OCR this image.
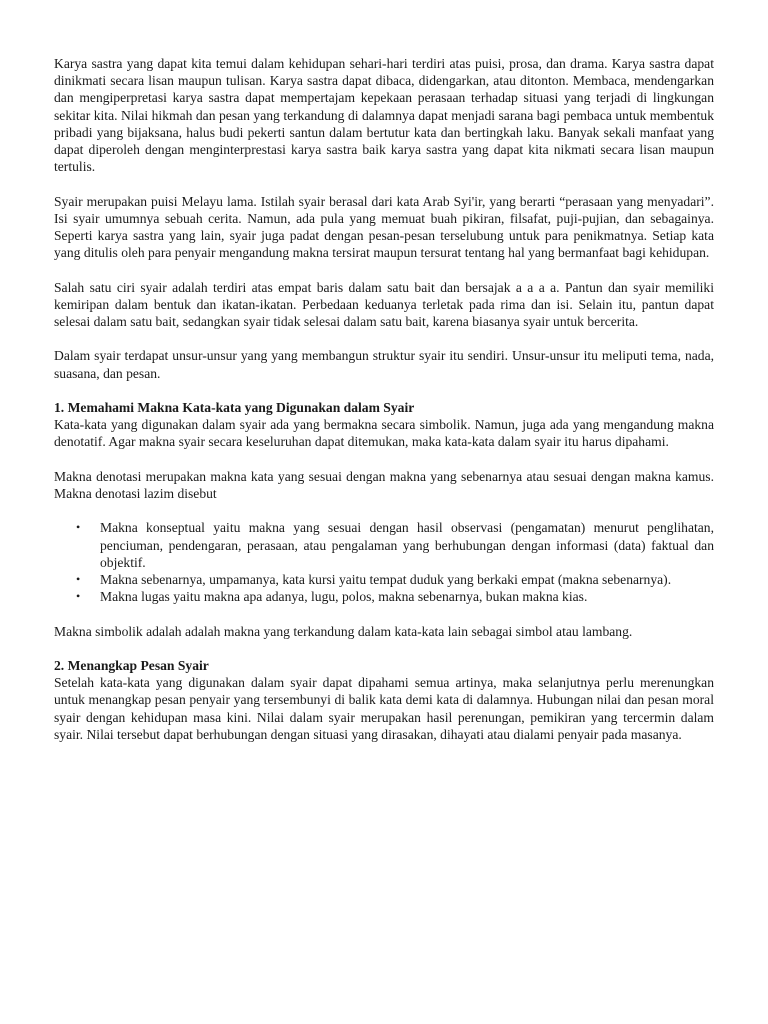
Karya sastra yang dapat kita temui dalam kehidupan sehari-hari terdiri atas puisi, prosa, dan drama. Karya sastra dapat dinikmati secara lisan maupun tulisan. Karya sastra dapat dibaca, didengarkan, atau ditonton. Membaca, mendengarkan dan mengiperpretasi karya sastra dapat mempertajam kepekaan perasaan terhadap situasi yang terjadi di lingkungan sekitar kita. Nilai hikmah dan pesan yang terkandung di dalamnya dapat menjadi sarana bagi pembaca untuk membentuk pribadi yang bijaksana, halus budi pekerti santun dalam bertutur kata dan bertingkah laku. Banyak sekali manfaat yang dapat diperoleh dengan menginterprestasi karya sastra baik karya sastra yang dapat kita nikmati secara lisan maupun tertulis.

Syair merupakan puisi Melayu lama. Istilah syair berasal dari kata Arab Syi'ir, yang berarti “perasaan yang menyadari”. Isi syair umumnya sebuah cerita. Namun, ada pula yang memuat buah pikiran, filsafat, puji-pujian, dan sebagainya. Seperti karya sastra yang lain, syair juga padat dengan pesan-pesan terselubung untuk para penikmatnya. Setiap kata yang ditulis oleh para penyair mengandung makna tersirat maupun tersurat tentang hal yang bermanfaat bagi kehidupan.

Salah satu ciri syair adalah terdiri atas empat baris dalam satu bait dan bersajak a a a a. Pantun dan syair memiliki kemiripan dalam bentuk dan ikatan-ikatan. Perbedaan keduanya terletak pada rima dan isi. Selain itu, pantun dapat selesai dalam satu bait, sedangkan syair tidak selesai dalam satu bait, karena biasanya syair untuk bercerita.

Dalam syair terdapat unsur-unsur yang yang membangun struktur syair itu sendiri. Unsur-unsur itu meliputi tema, nada, suasana, dan pesan.

1. Memahami Makna Kata-kata yang Digunakan dalam Syair

Kata-kata yang digunakan dalam syair ada yang bermakna secara simbolik. Namun, juga ada yang mengandung makna denotatif. Agar makna syair secara keseluruhan dapat ditemukan, maka kata-kata dalam syair itu harus dipahami.

Makna denotasi merupakan makna kata yang sesuai dengan makna yang sebenarnya atau sesuai dengan makna kamus. Makna denotasi lazim disebut

• Makna konseptual yaitu makna yang sesuai dengan hasil observasi (pengamatan) menurut penglihatan, penciuman, pendengaran, perasaan, atau pengalaman yang berhubungan dengan informasi (data) faktual dan objektif.
• Makna sebenarnya, umpamanya, kata kursi yaitu tempat duduk yang berkaki empat (makna sebenarnya).
• Makna lugas yaitu makna apa adanya, lugu, polos, makna sebenarnya, bukan makna kias.

Makna simbolik adalah adalah makna yang terkandung dalam kata-kata lain sebagai simbol atau lambang.

2. Menangkap Pesan Syair

Setelah kata-kata yang digunakan dalam syair dapat dipahami semua artinya, maka selanjutnya perlu merenungkan untuk menangkap pesan penyair yang tersembunyi di balik kata demi kata di dalamnya. Hubungan nilai dan pesan moral syair dengan kehidupan masa kini. Nilai dalam syair merupakan hasil perenungan, pemikiran yang tercermin dalam syair. Nilai tersebut dapat berhubungan dengan situasi yang dirasakan, dihayati atau dialami penyair pada masanya.
